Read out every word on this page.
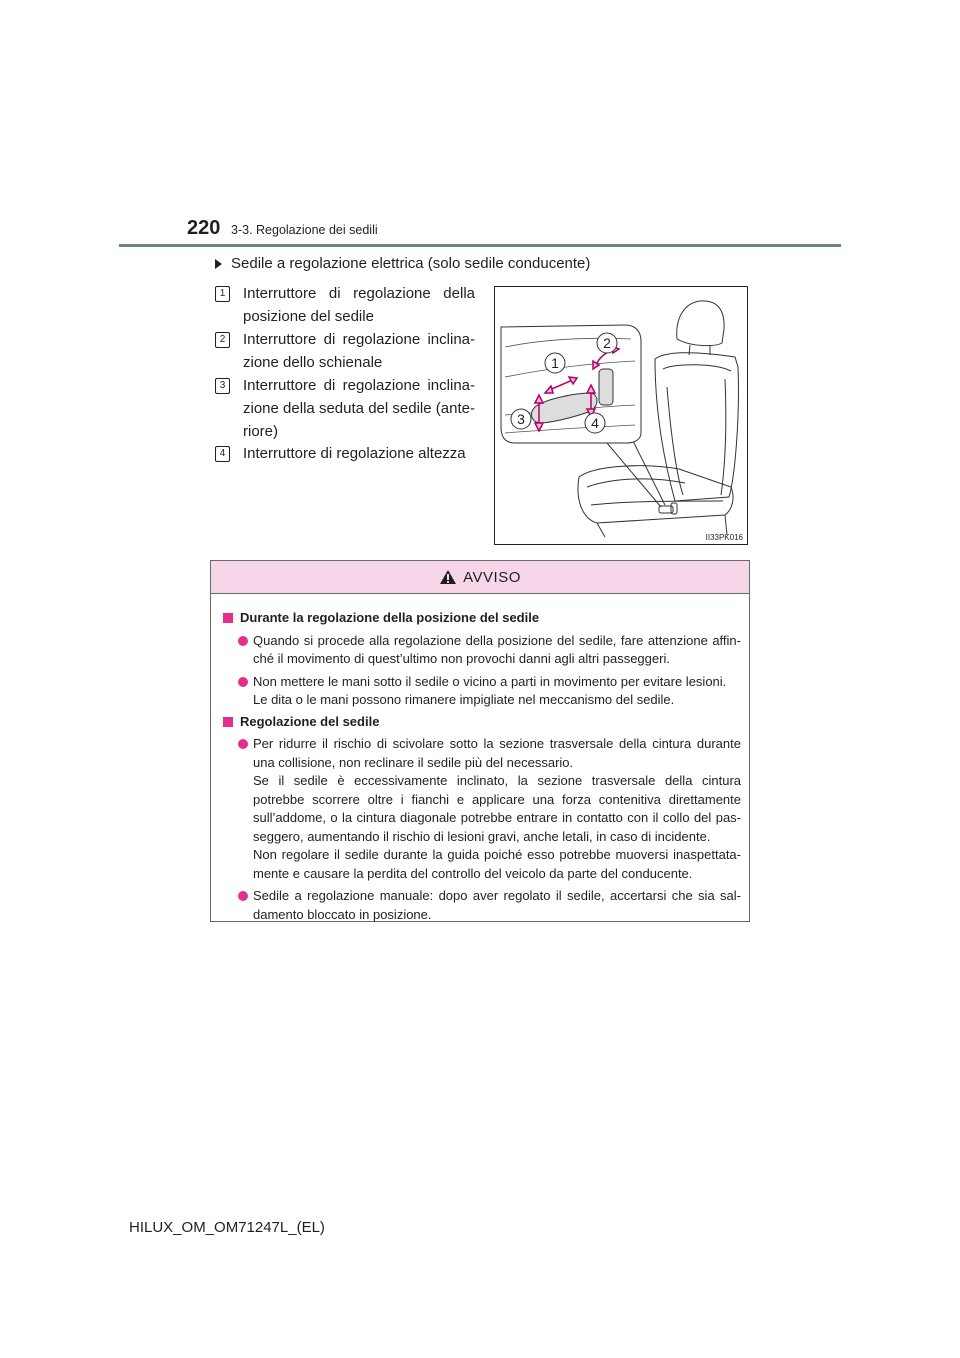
220 3-3. Regolazione dei sedili
Sedile a regolazione elettrica (solo sedile conducente)
1	Interruttore di regolazione della posizione del sedile
2	Interruttore di regolazione inclina-zione dello schienale
3	Interruttore di regolazione inclina-zione della seduta del sedile (ante-riore)
4	Interruttore di regolazione altezza
1
2
3	4
II33PK016
AVVISO
Durante la regolazione della posizione del sedile
Quando si procede alla regolazione della posizione del sedile, fare attenzione affin-
ché il movimento di quest’ultimo non provochi danni agli altri passeggeri.
Non mettere le mani sotto il sedile o vicino a parti in movimento per evitare lesioni.
Le dita o le mani possono rimanere impigliate nel meccanismo del sedile.
Regolazione del sedile
Per ridurre il rischio di scivolare sotto la sezione trasversale della cintura durante
una collisione, non reclinare il sedile più del necessario.
Se il sedile è eccessivamente inclinato, la sezione trasversale della cintura
potrebbe scorrere oltre i fianchi e applicare una forza contenitiva direttamente
sull’addome, o la cintura diagonale potrebbe entrare in contatto con il collo del pas-
seggero, aumentando il rischio di lesioni gravi, anche letali, in caso di incidente.
Non regolare il sedile durante la guida poiché esso potrebbe muoversi inaspettata-
mente e causare la perdita del controllo del veicolo da parte del conducente.
Sedile a regolazione manuale: dopo aver regolato il sedile, accertarsi che sia sal-
damento bloccato in posizione.
HILUX_OM_OM71247L_(EL)
